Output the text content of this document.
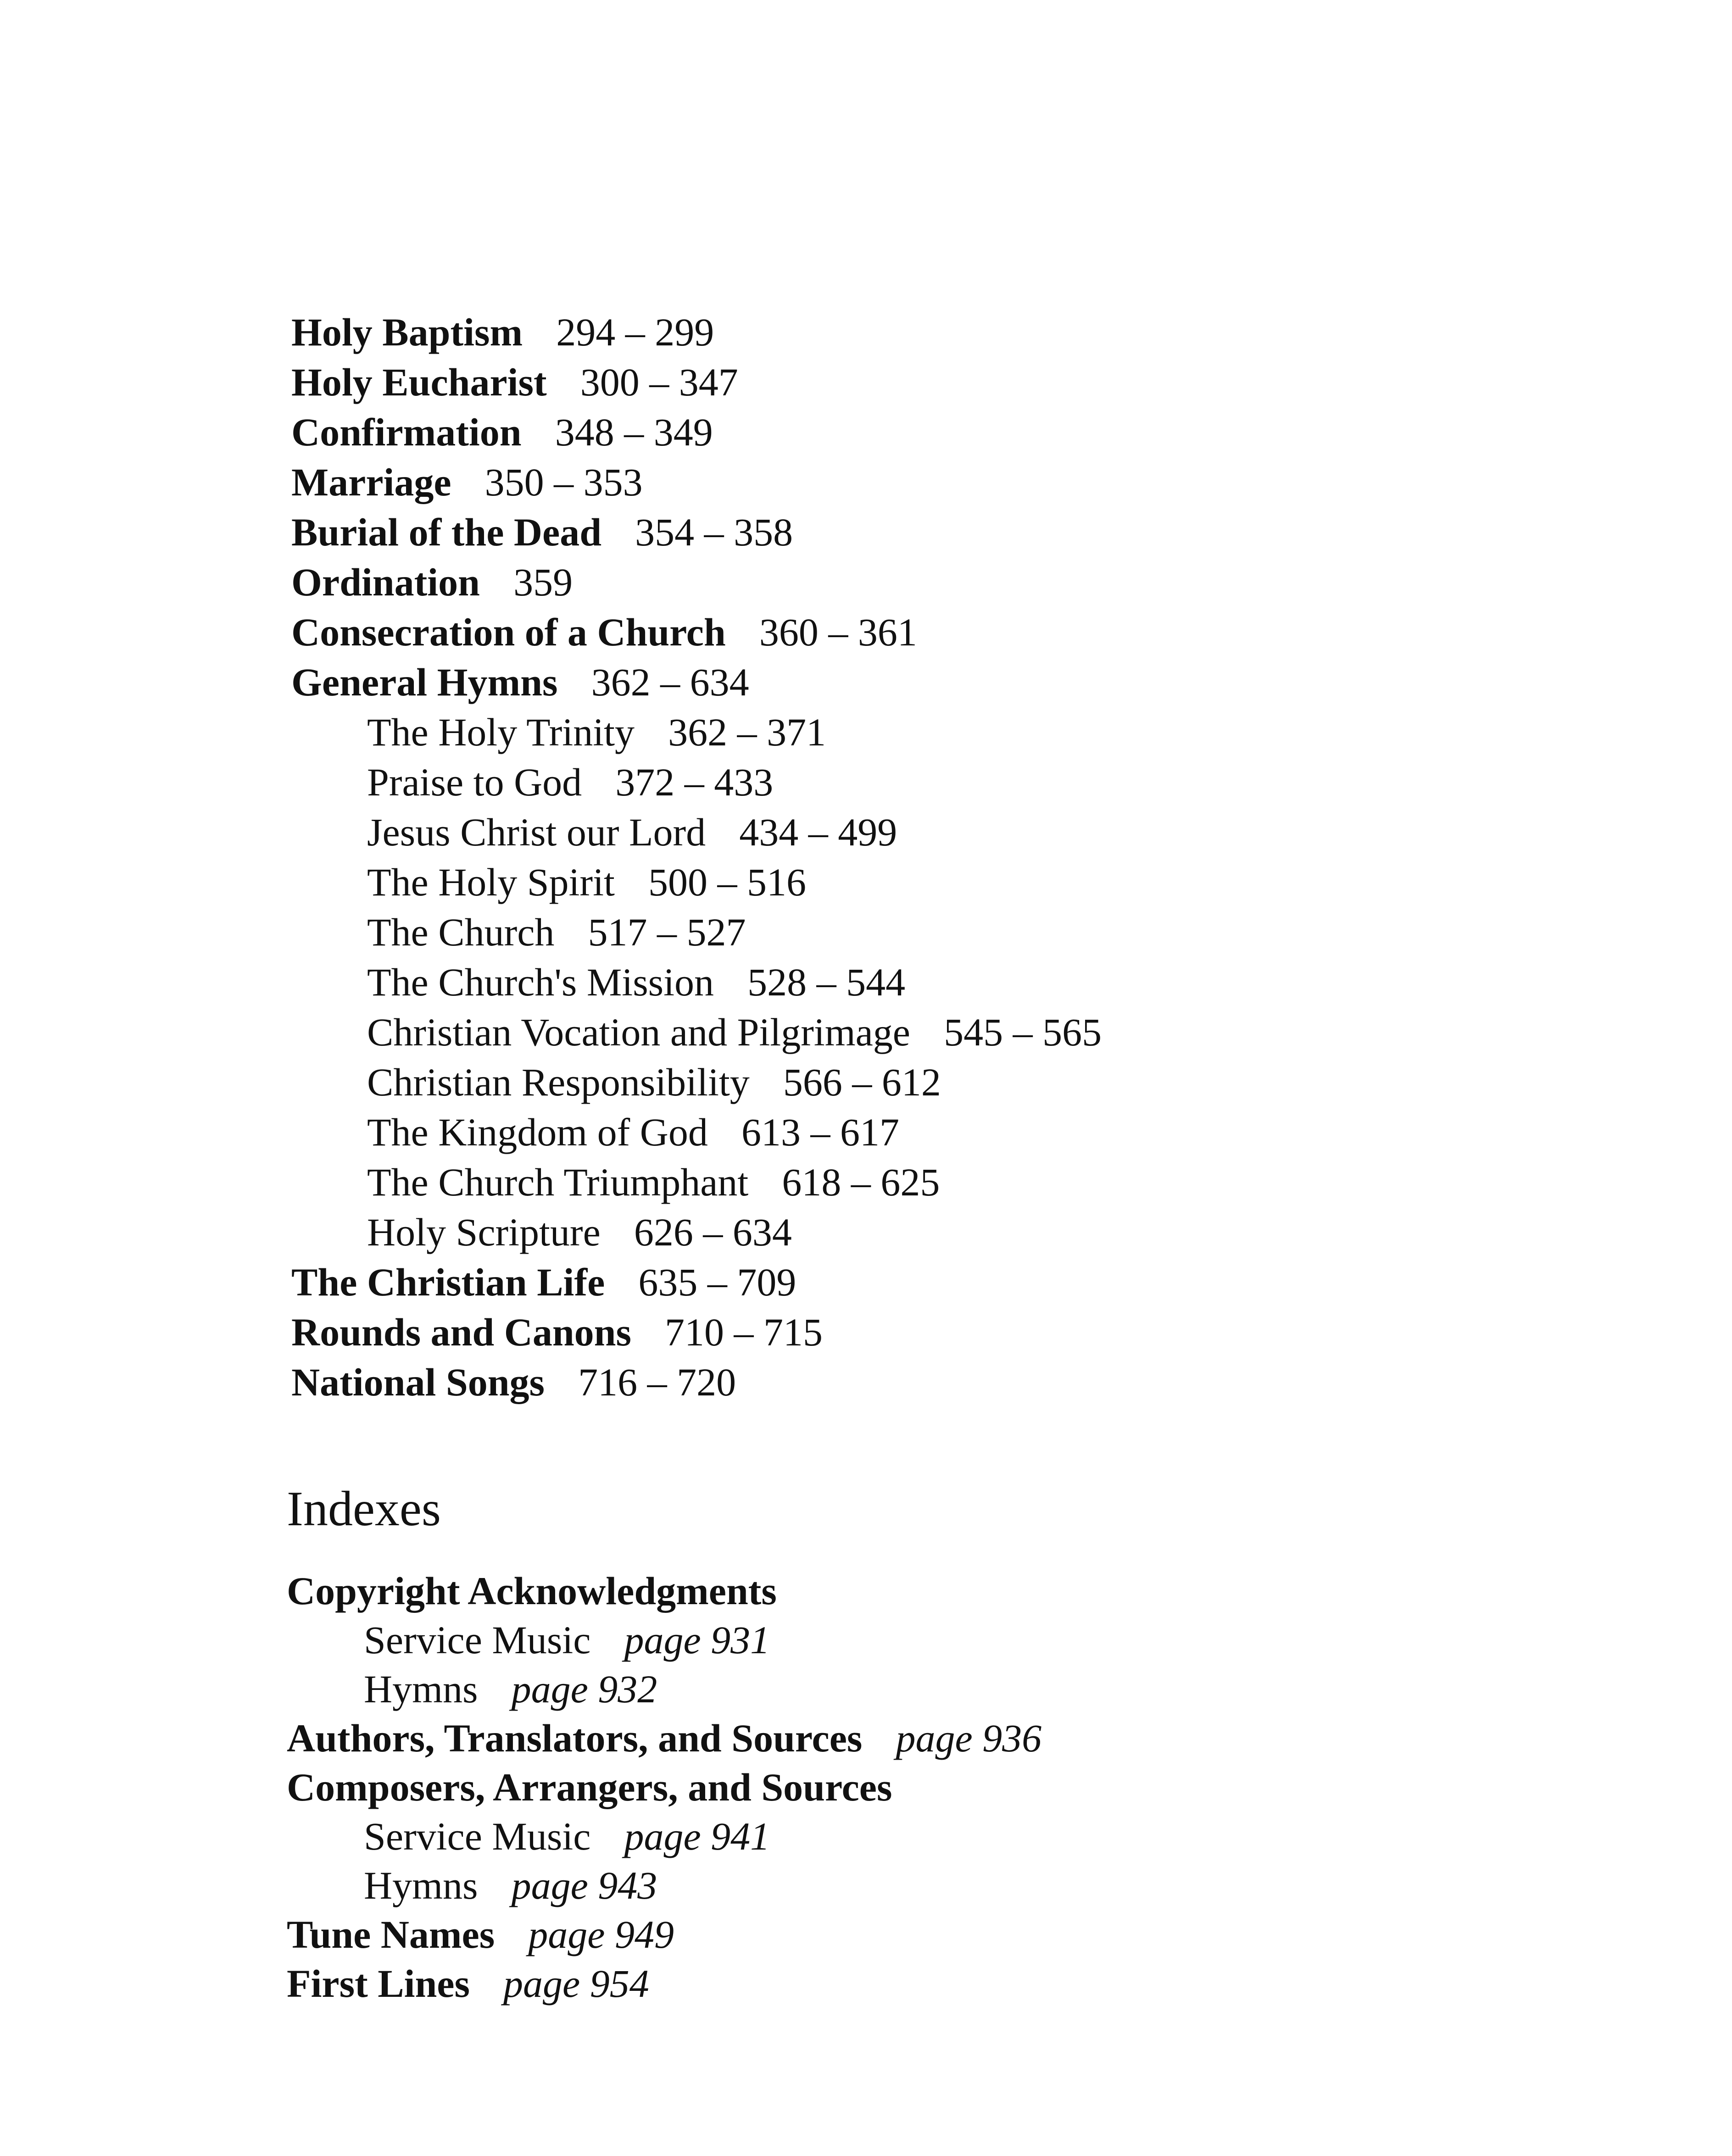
Holy Baptism 294 – 299
Holy Eucharist 300 – 347
Confirmation 348 – 349
Marriage 350 – 353
Burial of the Dead 354 – 358
Ordination 359
Consecration of a Church 360 – 361
General Hymns 362 – 634
The Holy Trinity 362 – 371
Praise to God 372 – 433
Jesus Christ our Lord 434 – 499
The Holy Spirit 500 – 516
The Church 517 – 527
The Church's Mission 528 – 544
Christian Vocation and Pilgrimage 545 – 565
Christian Responsibility 566 – 612
The Kingdom of God 613 – 617
The Church Triumphant 618 – 625
Holy Scripture 626 – 634
The Christian Life 635 – 709
Rounds and Canons 710 – 715
National Songs 716 – 720
Indexes
Copyright Acknowledgments
Service Music page 931
Hymns page 932
Authors, Translators, and Sources page 936
Composers, Arrangers, and Sources
Service Music page 941
Hymns page 943
Tune Names page 949
First Lines page 954
